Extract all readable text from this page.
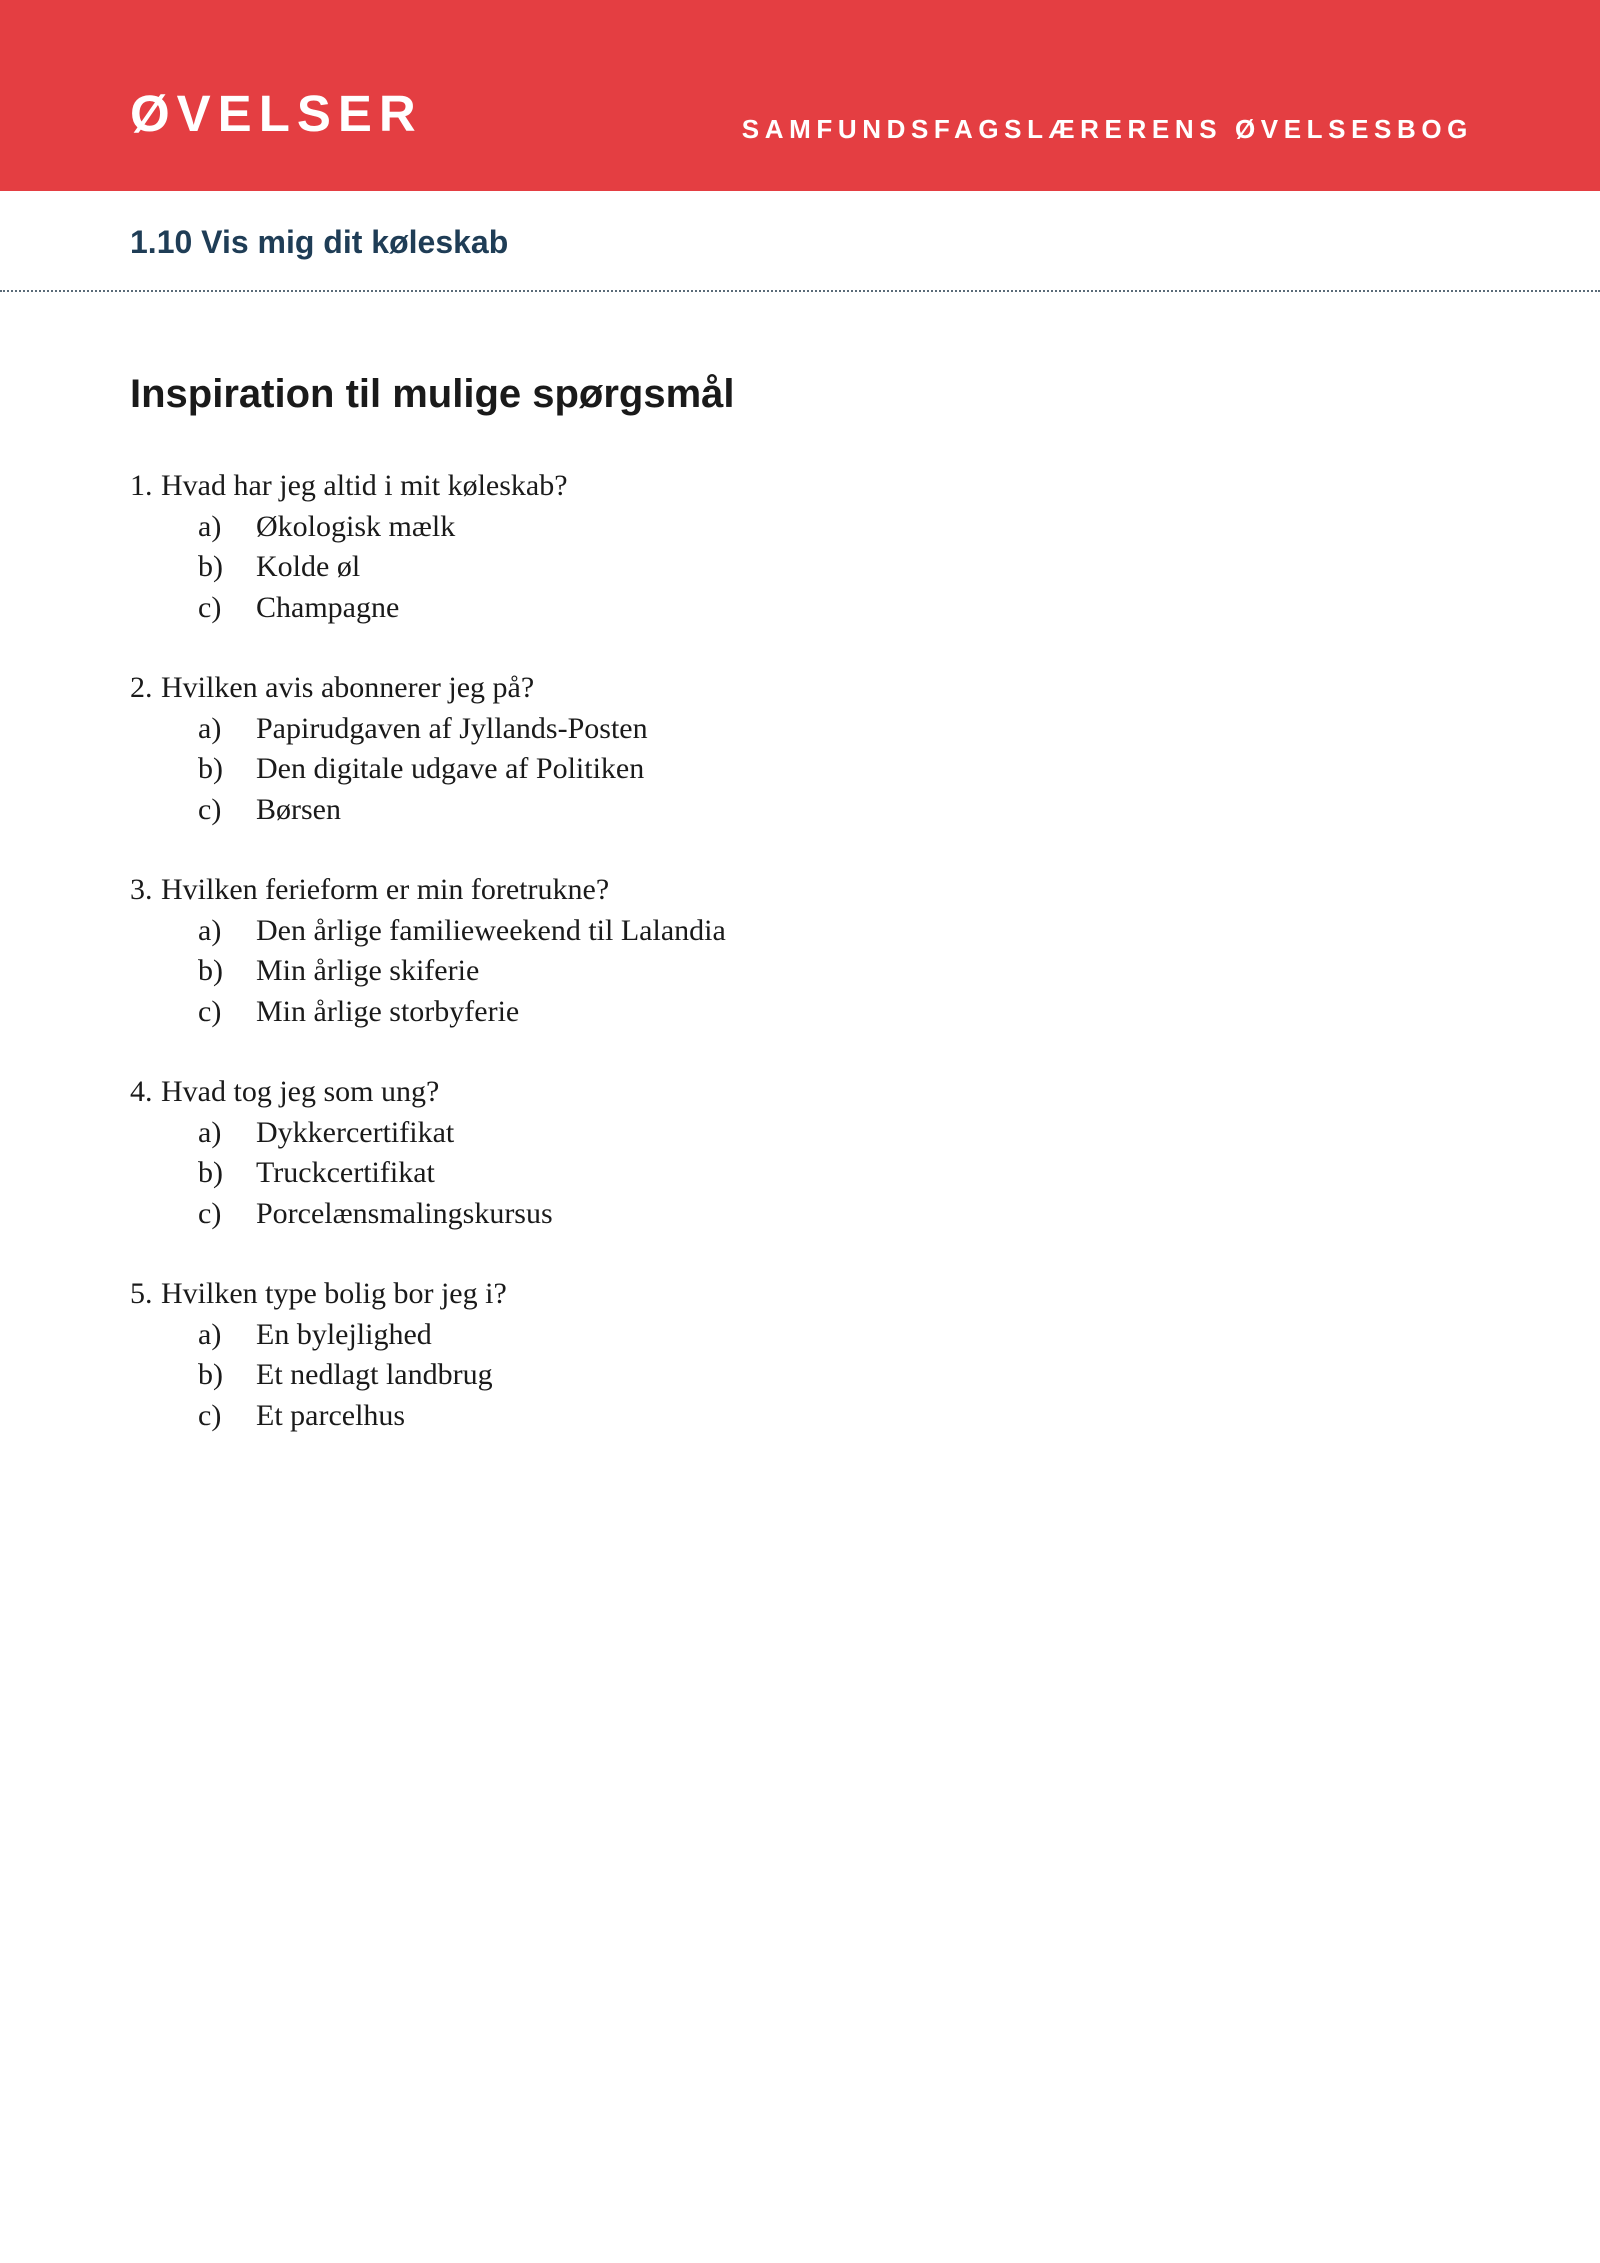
ØVELSER	SAMFUNDSFAGSLÆRERENS ØVELSESBOG
1.10 Vis mig dit køleskab
Inspiration til mulige spørgsmål
1. Hvad har jeg altid i mit køleskab?
a)	Økologisk mælk
b)	Kolde øl
c)	Champagne
2. Hvilken avis abonnerer jeg på?
a)	Papirudgaven af Jyllands-Posten
b)	Den digitale udgave af Politiken
c)	Børsen
3. Hvilken ferieform er min foretrukne?
a)	Den årlige familieweekend til Lalandia
b)	Min årlige skiferie
c)	Min årlige storbyferie
4. Hvad tog jeg som ung?
a)	Dykkercertifikat
b)	Truckcertifikat
c)	Porcelænsmalingskursus
5. Hvilken type bolig bor jeg i?
a)	En bylejlighed
b)	Et nedlagt landbrug
c)	Et parcelhus
